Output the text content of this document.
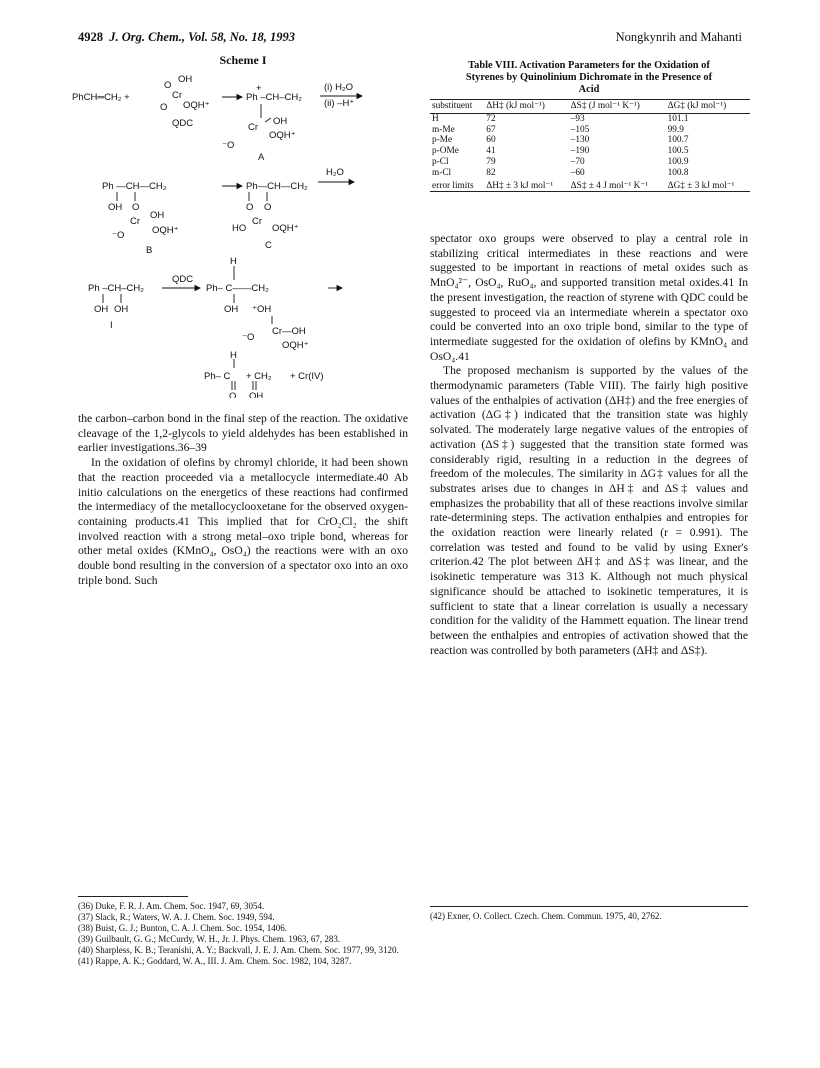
4928 J. Org. Chem., Vol. 58, No. 18, 1993	Nongkynrih and Mahanti
Scheme I
PhCH═CH₂ +
O
OH
Cr
O OQH⁺
QDC
Ph –CH–CH₂
+	(i) H₂O
(ii) –H⁺
OH
Cr
OQH⁺
⁻O
A
Ph —CH—CH₂
OH O
Cr
OH
OQH⁺
⁻O
B
Ph—CH—CH₂
O O
Cr
HO	OQH⁺
C
H₂O
H
Ph –CH–CH₂
OH OH
I
QDC
Ph– C——CH₂
OH ⁺OH
Cr—OH
⁻O
OQH⁺
H
Ph– C + CH₂ + Cr(IV)
O OH
Table VIII. Activation Parameters for the Oxidation of
Styrenes by Quinolinium Dichromate in the Presence of
Acid
substituent	ΔH‡ (kJ mol⁻¹)	ΔS‡ (J mol⁻¹ K⁻¹)	ΔG‡ (kJ mol⁻¹)
H	72	–93	101.1
m-Me	67	–105	99.9
p-Me	60	–130	100.7
p-OMe	41	–190	100.5
p-Cl	79	–70	100.9
m-Cl	82	–60	100.8
error limits	ΔH‡ ± 3 kJ mol⁻¹	ΔS‡ ± 4 J mol⁻¹ K⁻¹	ΔG‡ ± 3 kJ mol⁻¹

the carbon–carbon bond in the final step of the reaction. The oxidative cleavage of the 1,2-glycols to yield aldehydes has been established in earlier investigations.36–39

In the oxidation of olefins by chromyl chloride, it had been shown that the reaction proceeded via a metallocycle intermediate.40 Ab initio calculations on the energetics of these reactions had confirmed the intermediacy of the metallocyclooxetane for the observed oxygen-containing products.41 This implied that for CrO₂Cl₂ the shift involved reaction with a strong metal–oxo triple bond, whereas for other metal oxides (KMnO₄, OsO₄) the reactions were with an oxo double bond resulting in the conversion of a spectator oxo into an oxo triple bond. Such

spectator oxo groups were observed to play a central role in stabilizing critical intermediates in these reactions and were suggested to be important in reactions of metal oxides such as MnO₄²⁻, OsO₄, RuO₄, and supported transition metal oxides.41 In the present investigation, the reaction of styrene with QDC could be suggested to proceed via an intermediate wherein a spectator oxo could be converted into an oxo triple bond, similar to the type of intermediate suggested for the oxidation of olefins by KMnO₄ and OsO₄.41

The proposed mechanism is supported by the values of the thermodynamic parameters (Table VIII). The fairly high positive values of the enthalpies of activation (ΔH‡) and the free energies of activation (ΔG‡) indicated that the transition state was highly solvated. The moderately large negative values of the entropies of activation (ΔS‡) suggested that the transition state formed was considerably rigid, resulting in a reduction in the degrees of freedom of the molecules. The similarity in ΔG‡ values for all the substrates arises due to changes in ΔH‡ and ΔS‡ values and emphasizes the probability that all of these reactions involve similar rate-determining steps. The activation enthalpies and entropies for the oxidation reaction were linearly related (r = 0.991). The correlation was tested and found to be valid by using Exner's criterion.42 The plot between ΔH‡ and ΔS‡ was linear, and the isokinetic temperature was 313 K. Although not much physical significance should be attached to isokinetic temperatures, it is sufficient to state that a linear correlation is usually a necessary condition for the validity of the Hammett equation. The linear trend between the enthalpies and entropies of activation showed that the reaction was controlled by both parameters (ΔH‡ and ΔS‡).

(36) Duke, F. R. J. Am. Chem. Soc. 1947, 69, 3054.
(37) Slack, R.; Waters, W. A. J. Chem. Soc. 1949, 594.
(38) Buist, G. J.; Bunton, C. A. J. Chem. Soc. 1954, 1406.
(39) Guilbault, G. G.; McCurdy, W. H., Jr. J. Phys. Chem. 1963, 67, 283.
(40) Sharpless, K. B.; Teranishi, A. Y.; Backvall, J. E. J. Am. Chem. Soc. 1977, 99, 3120.
(41) Rappe, A. K.; Goddard, W. A., III. J. Am. Chem. Soc. 1982, 104, 3287.
(42) Exner, O. Collect. Czech. Chem. Commun. 1975, 40, 2762.
